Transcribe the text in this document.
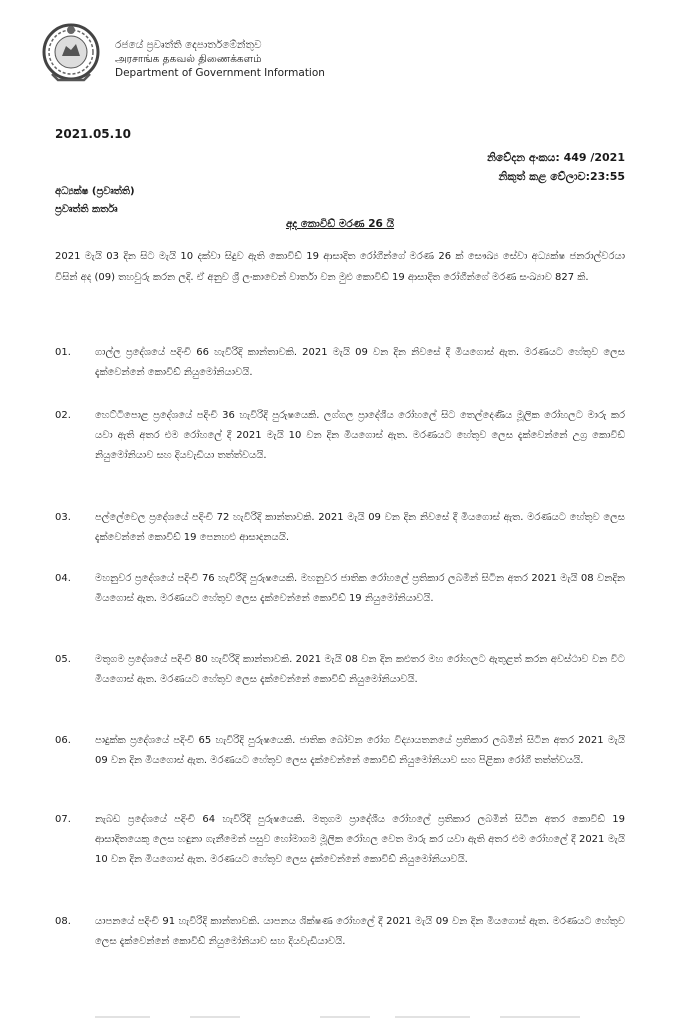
රජයේ ප්‍රවෘත්ති දෙපාර්තමේන්තුව
அரசாங்க தகவல் திணைக்களம்
Department of Government Information
2021.05.10
නිවේදන අංකය: 449 /2021
නිකුත් කළ වේලාව:23:55
අධ්‍යක්ෂ (ප්‍රවෘත්ති)
ප්‍රවෘත්ති කර්තෘ
අද කොවිඩ් මරණ 26 යි
2021 මැයි 03 දින සිට මැයි 10 දක්වා සිදුව ඇති කොවිඩ් 19 ආසාදිත රෝගීන්ගේ මරණ 26 ක් සෞඛ්‍ය සේවා අධ්‍යක්ෂ ජනරාල්වරයා විසින් අද (09) තහවුරු කරන ලදි. ඒ අනුව ශ්‍රී ලංකාවෙන් වාර්තා වන මුළු කොවිඩ් 19 ආසාදිත රෝගීන්ගේ මරණ සංඛ්‍යාව 827 කි.
01. ගාල්ල ප්‍රදේශයේ පදිංචි 66 හැවිරිදි කාන්තාවකි. 2021 මැයි 09 වන දින නිවසේ දී මියගොස් ඇත. මරණයට හේතුව ලෙස දැක්වෙන්නේ කොවිඩ් නියුමෝනියාවයි.
02. හෙට්ටිපොළ ප්‍රදේශයේ පදිංචි 36 හැවිරිදි පුරුෂයෙකි. ලග්ගල ප්‍රාදේශීය රෝහලේ සිට තෙල්දෙණිය මූලික රෝහලට මාරු කර යවා ඇති අතර එම රෝහලේ දී 2021 මැයි 10 වන දින මියගොස් ඇත. මරණයට හේතුව ලෙස දැක්වෙන්නේ උග්‍ර කොවිඩ් නියුමෝනියාව සහ දියවැඩියා තත්ත්වයයි.
03. පල්ලේවෙල ප්‍රදේශයේ පදිංචි 72 හැවිරිදි කාන්තාවකි. 2021 මැයි 09 වන දින නිවසේ දී මියගොස් ඇත. මරණයට හේතුව ලෙස දැක්වෙන්නේ කොවිඩ් 19 පෙනහළු ආසාදනයයි.
04. මහනුවර ප්‍රදේශයේ පදිංචි 76 හැවිරිදි පුරුෂයෙකි. මහනුවර ජාතික රෝහලේ ප්‍රතිකාර ලබමින් සිටින අතර 2021 මැයි 08 වනදින මියගොස් ඇත. මරණයට හේතුව ලෙස දැක්වෙන්නේ කොවිඩ් 19 නියුමෝනියාවයි.
05. මතුගම ප්‍රදේශයේ පදිංචි 80 හැවිරිදි කාන්තාවකි. 2021 මැයි 08 වන දින කළුතර මහ රෝහලට ඇතුළත් කරන අවස්ථාව වන විට මියගොස් ඇත. මරණයට හේතුව ලෙස දැක්වෙන්නේ කොවිඩ් නියුමෝනියාවයි.
06. පාදුක්ක ප්‍රදේශයේ පදිංචි 65 හැවිරිදි පුරුෂයෙකි. ජාතික බෝවන රෝග විද්‍යායතනයේ ප්‍රතිකාර ලබමින් සිටින අතර 2021 මැයි 09 වන දින මියගොස් ඇත. මරණයට හේතුව ලෙස දැක්වෙන්නේ කොවිඩ් නියුමෝනියාව සහ පිළිකා රෝගී තත්ත්වයයි.
07. නැබඩ ප්‍රදේශයේ පදිංචි 64 හැවිරිදි පුරුෂයෙකි. මතුගම ප්‍රාදේශීය රෝහලේ ප්‍රතිකාර ලබමින් සිටින අතර කොවිඩ් 19 ආසාදිතයෙකු ලෙස හඳුනා ගැනීමෙන් පසුව හෝමාගම මූලික රෝහල වෙත මාරු කර යවා ඇති අතර එම රෝහලේ දී 2021 මැයි 10 වන දින මියගොස් ඇත. මරණයට හේතුව ලෙස දැක්වෙන්නේ කොවිඩ් නියුමෝනියාවයි.
08. යාපනයේ පදිංචි 91 හැවිරිදි කාන්තාවකි. යාපනය ශික්ෂණ රෝහලේ දී 2021 මැයි 09 වන දින මියගොස් ඇත. මරණයට හේතුව ලෙස දැක්වෙන්නේ කොවිඩ් නියුමෝනියාව සහ දියවැඩියාවයි.
